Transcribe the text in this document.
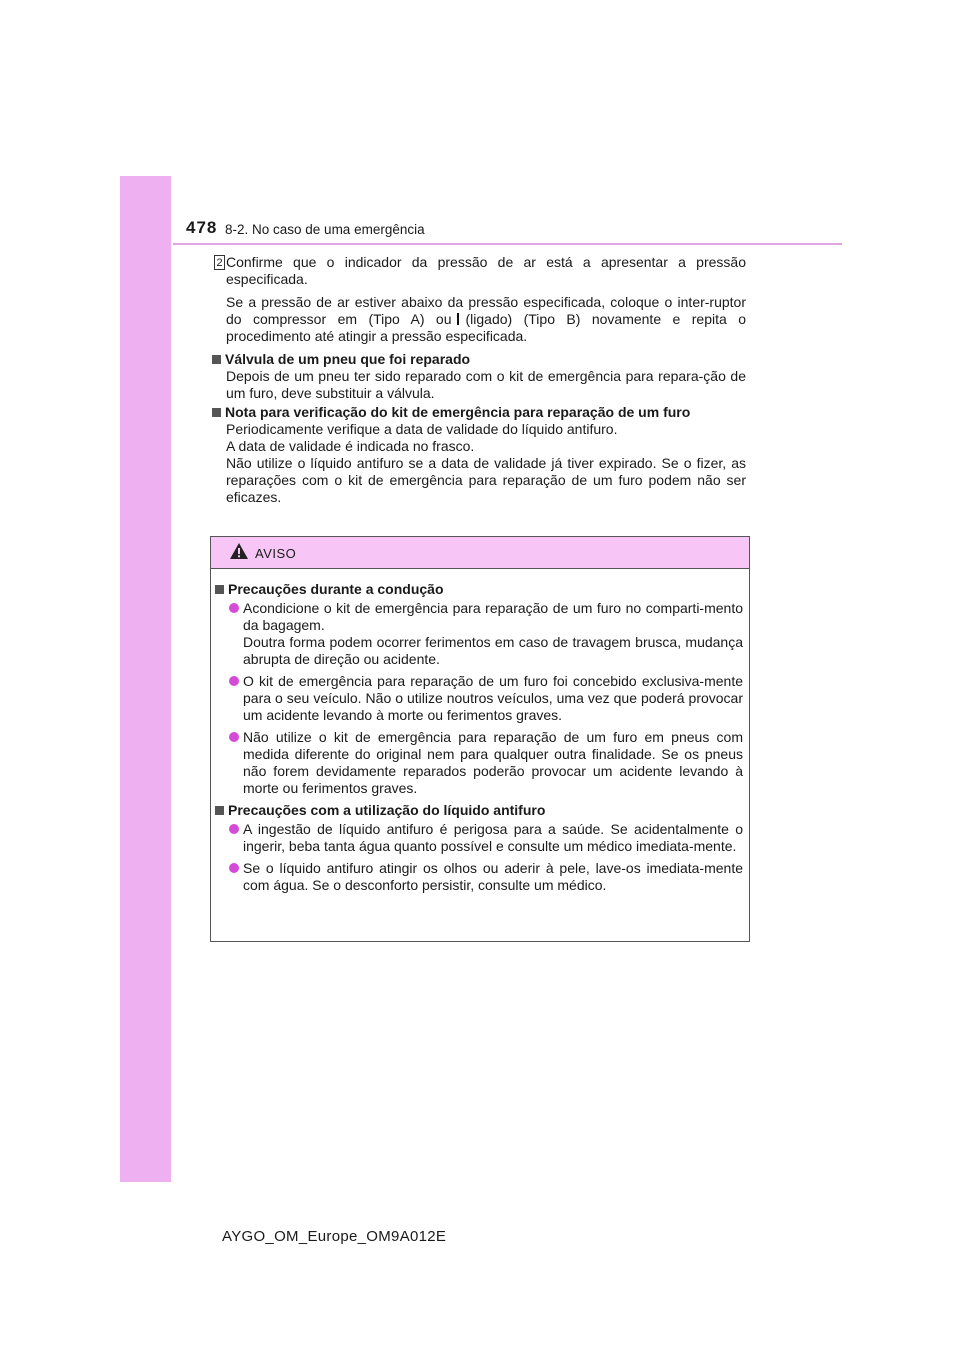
478 8-2. No caso de uma emergência
2 Confirme que o indicador da pressão de ar está a apresentar a pressão especificada.

Se a pressão de ar estiver abaixo da pressão especificada, coloque o inter-ruptor do compressor em (Tipo A) ou (ligado) (Tipo B) novamente e repita o procedimento até atingir a pressão especificada.

Válvula de um pneu que foi reparado

Depois de um pneu ter sido reparado com o kit de emergência para repara-ção de um furo, deve substituir a válvula.

Nota para verificação do kit de emergência para reparação de um furo

Periodicamente verifique a data de validade do líquido antifuro.

A data de validade é indicada no frasco.

Não utilize o líquido antifuro se a data de validade já tiver expirado. Se o fizer, as reparações com o kit de emergência para reparação de um furo podem não ser eficazes.

AVISO

Precauções durante a condução

Acondicione o kit de emergência para reparação de um furo no comparti-mento da bagagem.
Doutra forma podem ocorrer ferimentos em caso de travagem brusca, mudança abrupta de direção ou acidente.

O kit de emergência para reparação de um furo foi concebido exclusiva-mente para o seu veículo. Não o utilize noutros veículos, uma vez que poderá provocar um acidente levando à morte ou ferimentos graves.

Não utilize o kit de emergência para reparação de um furo em pneus com medida diferente do original nem para qualquer outra finalidade. Se os pneus não forem devidamente reparados poderão provocar um acidente levando à morte ou ferimentos graves.

Precauções com a utilização do líquido antifuro

A ingestão de líquido antifuro é perigosa para a saúde. Se acidentalmente o ingerir, beba tanta água quanto possível e consulte um médico imediata-mente.

Se o líquido antifuro atingir os olhos ou aderir à pele, lave-os imediata-mente com água. Se o desconforto persistir, consulte um médico.

AYGO_OM_Europe_OM9A012E
